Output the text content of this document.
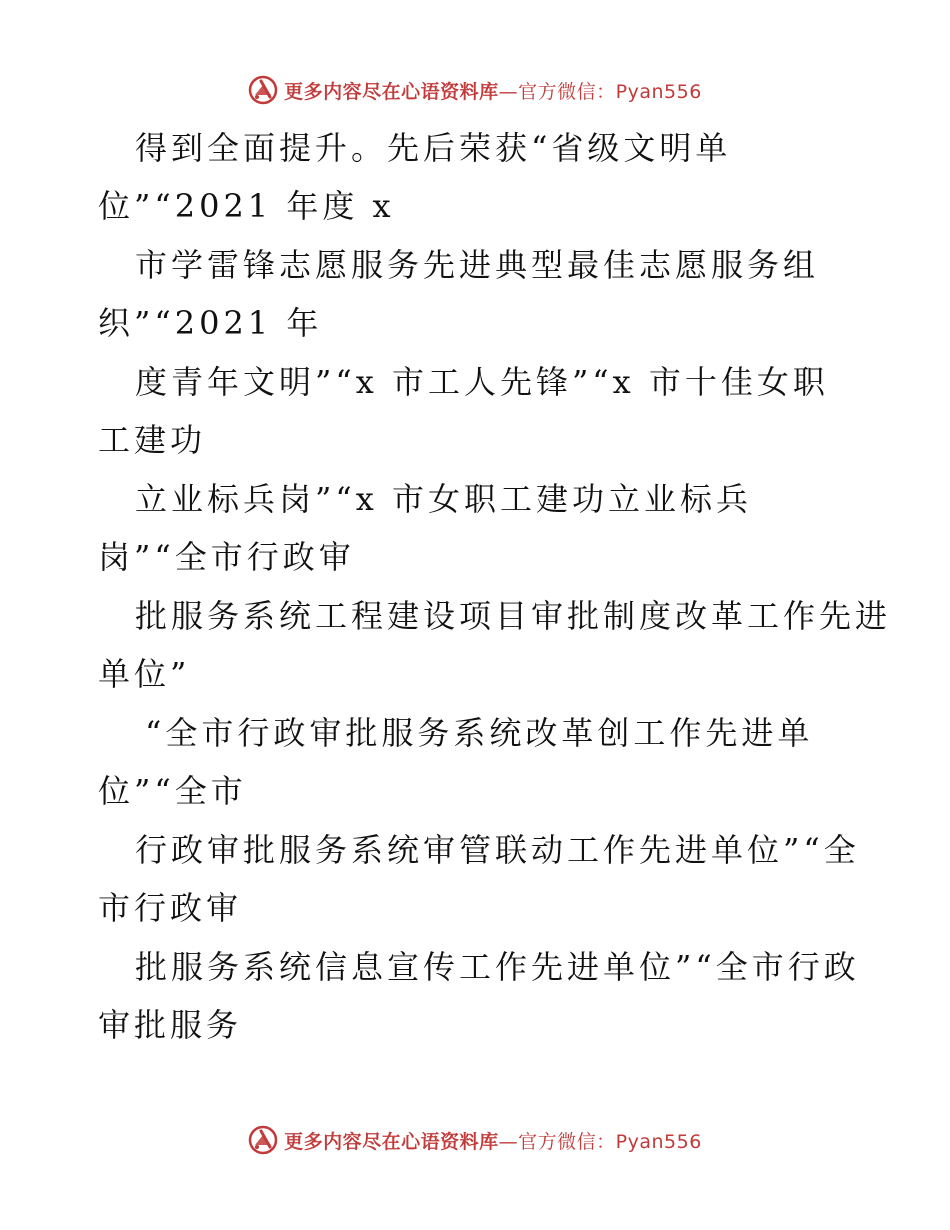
更多内容尽在心语资料库—官方微信：Pyan556
得到全面提升。先后荣获“省级文明单
位”“2021 年度 x
市学雷锋志愿服务先进典型最佳志愿服务组
织”“2021 年
度青年文明”“x 市工人先锋”“x 市十佳女职
工建功
立业标兵岗”“x 市女职工建功立业标兵
岗”“全市行政审
批服务系统工程建设项目审批制度改革工作先进
单位”
“全市行政审批服务系统改革创工作先进单
位”“全市
行政审批服务系统审管联动工作先进单位”“全
市行政审
批服务系统信息宣传工作先进单位”“全市行政
审批服务
更多内容尽在心语资料库—官方微信：Pyan556
